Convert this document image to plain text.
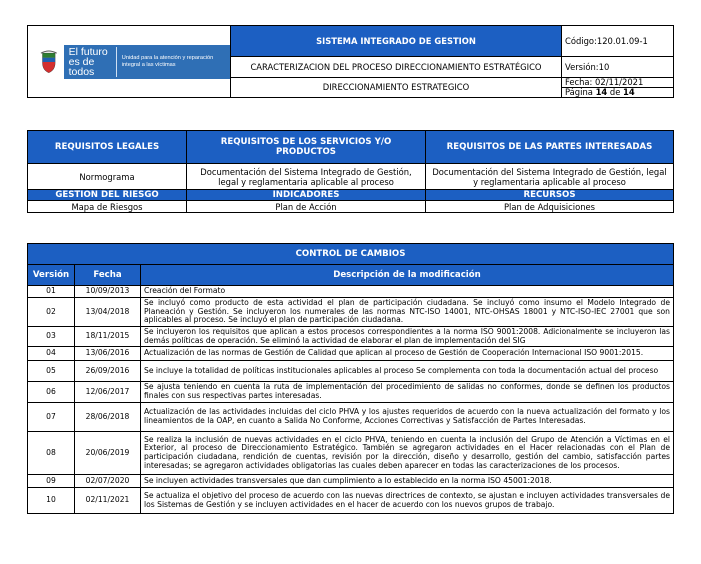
El futuro es de todos
Unidad para la atención y reparación integral a las víctimas	SISTEMA INTEGRADO DE GESTION	Código:120.01.09-1
	CARACTERIZACION DEL PROCESO DIRECCIONAMIENTO ESTRATÉGICO	Versión:10
	DIRECCIONAMIENTO ESTRATEGICO	Fecha: 02/11/2021
Página 14 de 14
REQUISITOS LEGALES	REQUISITOS DE LOS SERVICIOS Y/O PRODUCTOS	REQUISITOS DE LAS PARTES INTERESADAS
Normograma	Documentación del Sistema Integrado de Gestión, legal y reglamentaria aplicable al proceso	Documentación del Sistema Integrado de Gestión, legal y reglamentaria aplicable al proceso
GESTIÓN DEL RIESGO	INDICADORES	RECURSOS
Mapa de Riesgos	Plan de Acción	Plan de Adquisiciones
CONTROL DE CAMBIOS		
Versión	Fecha	Descripción de la modificación
01	10/09/2013	Creación del Formato
02	13/04/2018	Se incluyó como producto de esta actividad el plan de participación ciudadana. Se incluyó como insumo el Modelo Integrado de Planeación y Gestión. Se incluyeron los numerales de las normas NTC-ISO 14001, NTC-OHSAS 18001 y NTC-ISO-IEC 27001 que son aplicables al proceso. Se incluyó el plan de participación ciudadana.
03	18/11/2015	Se incluyeron los requisitos que aplican a estos procesos correspondientes a la norma ISO 9001:2008. Adicionalmente se incluyeron las demás políticas de operación. Se eliminó la actividad de elaborar el plan de implementación del SIG
04	13/06/2016	Actualización de las normas de Gestión de Calidad que aplican al proceso de Gestión de Cooperación Internacional ISO 9001:2015.
05	26/09/2016	Se incluye la totalidad de políticas institucionales aplicables al proceso Se complementa con toda la documentación actual del proceso
06	12/06/2017	Se ajusta teniendo en cuenta la ruta de implementación del procedimiento de salidas no conformes, donde se definen los productos finales con sus respectivas partes interesadas.
07	28/06/2018	Actualización de las actividades incluidas del ciclo PHVA y los ajustes requeridos de acuerdo con la nueva actualización del formato y los lineamientos de la OAP, en cuanto a Salida No Conforme, Acciones Correctivas y Satisfacción de Partes Interesadas.
08	20/06/2019	Se realiza la inclusión de nuevas actividades en el ciclo PHVA, teniendo en cuenta la inclusión del Grupo de Atención a Víctimas en el Exterior, al proceso de Direccionamiento Estratégico. También se agregaron actividades en el Hacer relacionadas con el Plan de participación ciudadana, rendición de cuentas, revisión por la dirección, diseño y desarrollo, gestión del cambio, satisfacción partes interesadas; se agregaron actividades obligatorias las cuales deben aparecer en todas las caracterizaciones de los procesos.
09	02/07/2020	Se incluyen actividades transversales que dan cumplimiento a lo establecido en la norma ISO 45001:2018.
10	02/11/2021	Se actualiza el objetivo del proceso de acuerdo con las nuevas directrices de contexto, se ajustan e incluyen actividades transversales de los Sistemas de Gestión y se incluyen actividades en el hacer de acuerdo con los nuevos grupos de trabajo.
